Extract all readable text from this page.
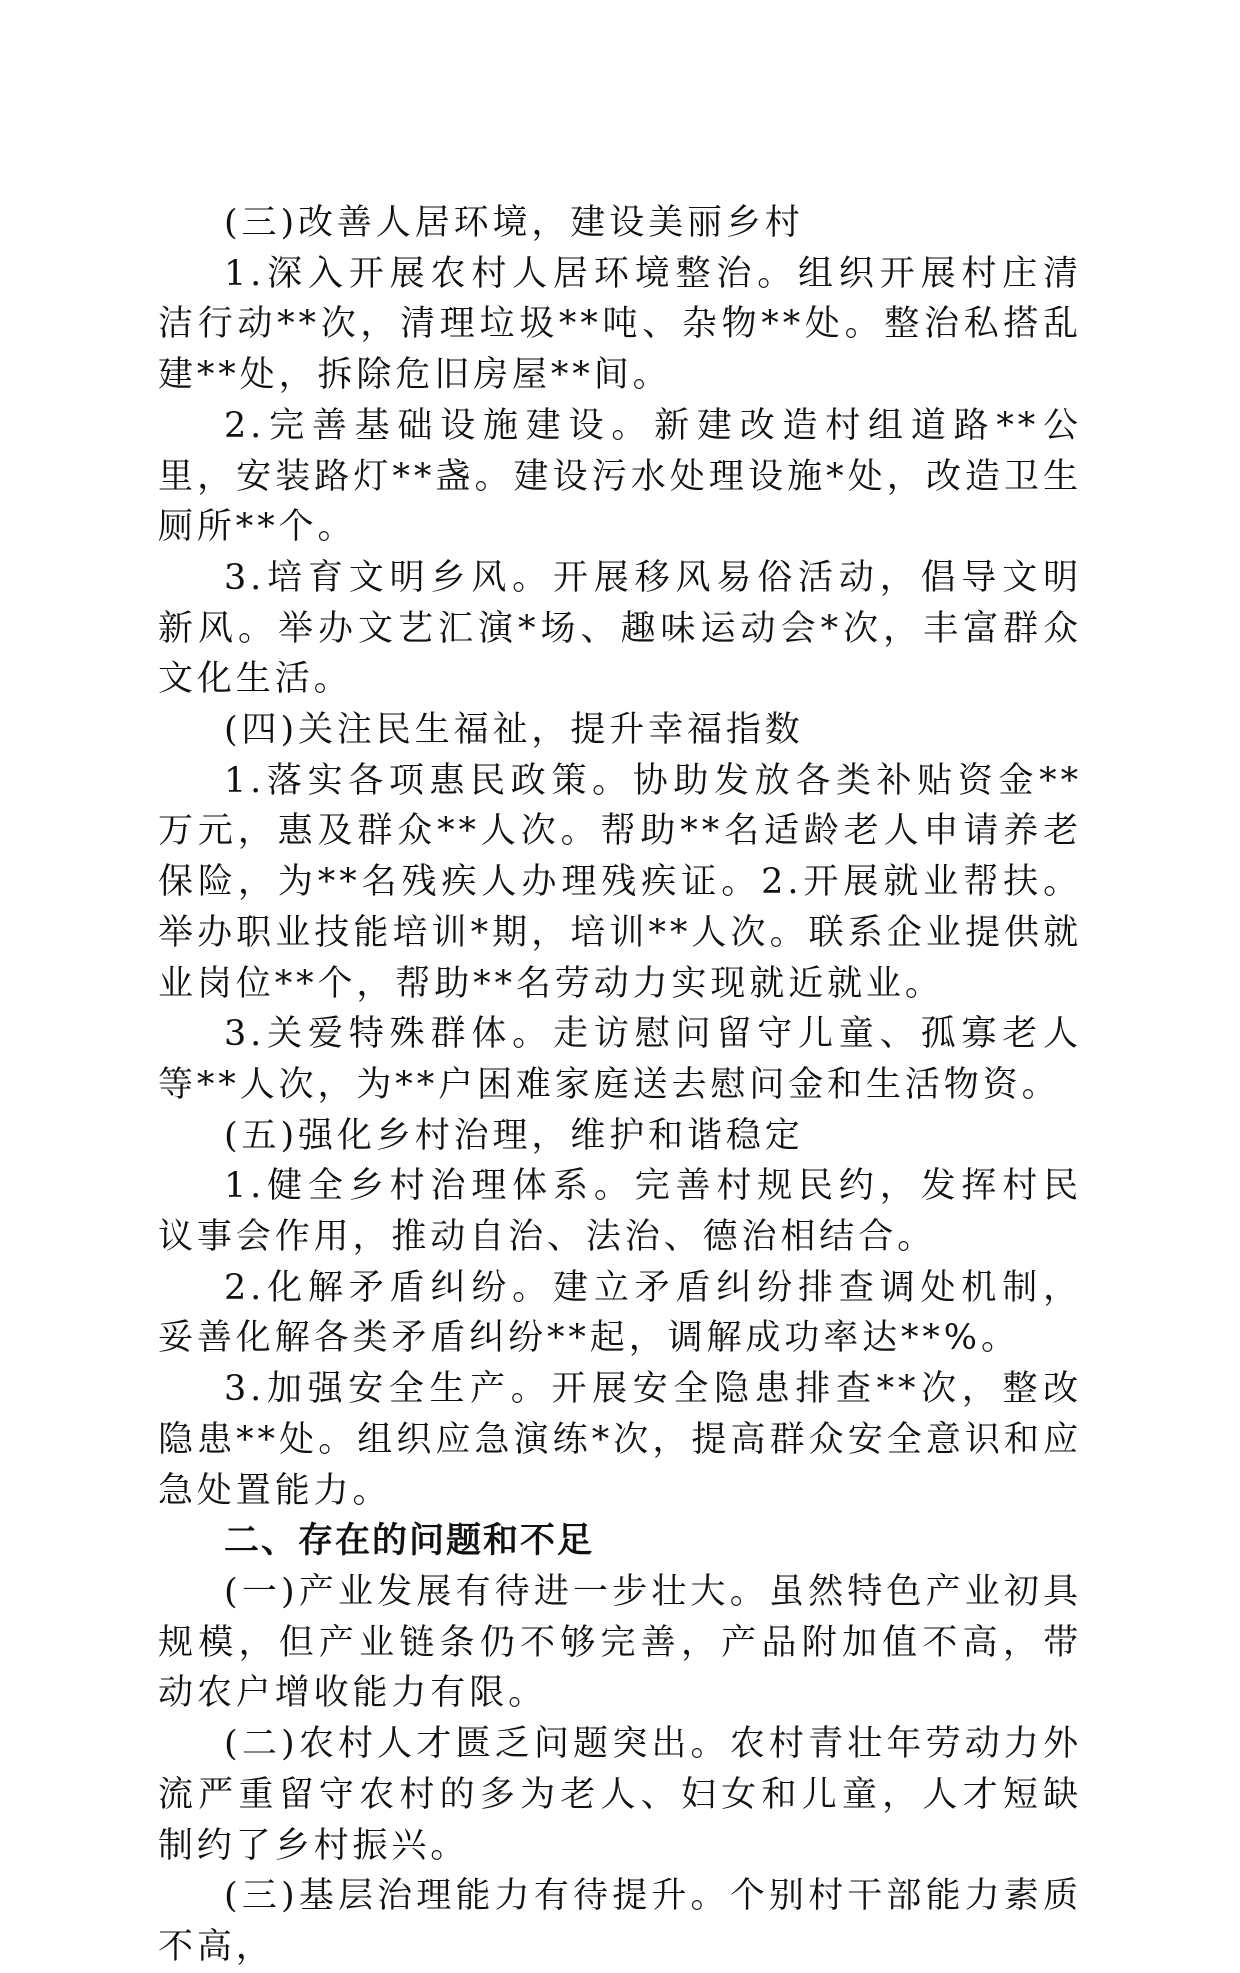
(三)改善人居环境，建设美丽乡村

1.深入开展农村人居环境整治。组织开展村庄清洁行动**次，清理垃圾**吨、杂物**处。整治私搭乱建**处，拆除危旧房屋**间。

2.完善基础设施建设。新建改造村组道路**公里，安装路灯**盏。建设污水处理设施*处，改造卫生厕所**个。

3.培育文明乡风。开展移风易俗活动，倡导文明新风。举办文艺汇演*场、趣味运动会*次，丰富群众文化生活。

(四)关注民生福祉，提升幸福指数

1.落实各项惠民政策。协助发放各类补贴资金**万元，惠及群众**人次。帮助**名适龄老人申请养老保险，为**名残疾人办理残疾证。2.开展就业帮扶。举办职业技能培训*期，培训**人次。联系企业提供就业岗位**个，帮助**名劳动力实现就近就业。

3.关爱特殊群体。走访慰问留守儿童、孤寡老人等**人次，为**户困难家庭送去慰问金和生活物资。

(五)强化乡村治理，维护和谐稳定

1.健全乡村治理体系。完善村规民约，发挥村民议事会作用，推动自治、法治、德治相结合。

2.化解矛盾纠纷。建立矛盾纠纷排查调处机制，妥善化解各类矛盾纠纷**起，调解成功率达**%。

3.加强安全生产。开展安全隐患排查**次，整改隐患**处。组织应急演练*次，提高群众安全意识和应急处置能力。

二、存在的问题和不足

(一)产业发展有待进一步壮大。虽然特色产业初具规模，但产业链条仍不够完善，产品附加值不高，带动农户增收能力有限。

(二)农村人才匮乏问题突出。农村青壮年劳动力外流严重留守农村的多为老人、妇女和儿童，人才短缺制约了乡村振兴。

(三)基层治理能力有待提升。个别村干部能力素质不高，
